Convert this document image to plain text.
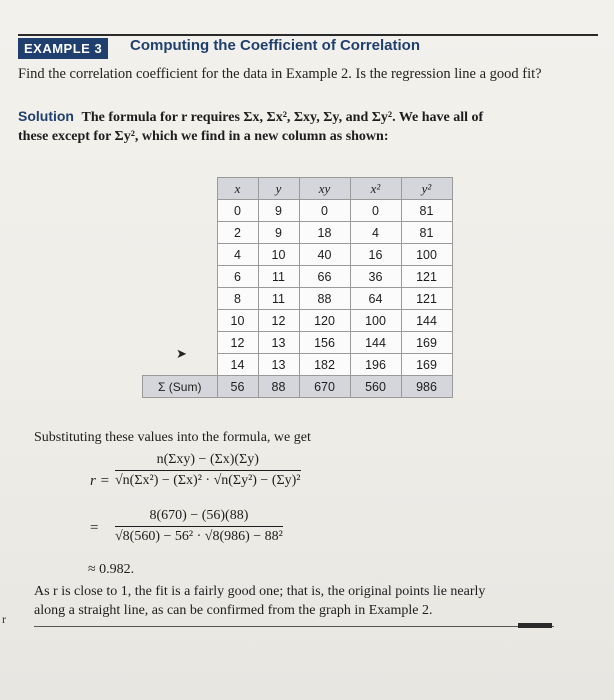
EXAMPLE 3	Computing the Coefficient of Correlation
Find the correlation coefficient for the data in Example 2. Is the regression line a good fit?
Solution The formula for r requires Σx, Σx², Σxy, Σy, and Σy². We have all of
these except for Σy², which we find in a new column as shown:
	x	y	xy	x²	y²
	0	9	0	0	81
	2	9	18	4	81
	4	10	40	16	100
	6	11	66	36	121
	8	11	88	64	121
	10	12	120	100	144
	12	13	156	144	169
	14	13	182	196	169
Σ (Sum)	56	88	670	560	986
➤
Substituting these values into the formula, we get
r =
n(Σxy) − (Σx)(Σy)
√n(Σx²) − (Σx)² · √n(Σy²) − (Σy)²
=
8(670) − (56)(88)
√8(560) − 56² · √8(986) − 88²
≈ 0.982.
As r is close to 1, the fit is a fairly good one; that is, the original points lie nearly
along a straight line, as can be confirmed from the graph in Example 2.
r
